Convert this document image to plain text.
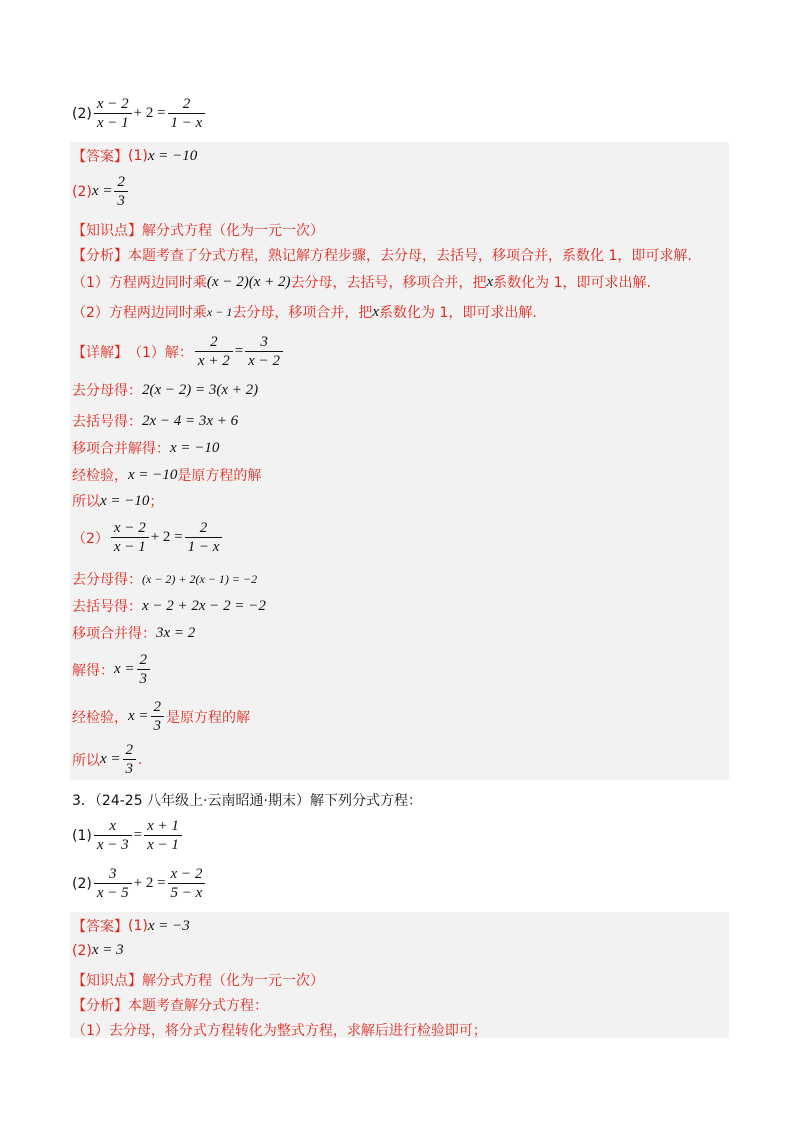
$(2) \frac{x - 2}{x - 1} + 2 = \frac{2}{1 - x}$
【答案】 (1) x = −10
(2) $x = \frac{2}{3}$
【知识点】解分式方程（化为一元一次）
【分析】本题考查了分式方程，熟记解方程步骤，去分母，去括号，移项合并，系数化 1，即可求解.
（1）方程两边同时乘 (x − 2)(x + 2) 去分母，去括号，移项合并，把 x 系数化为 1，即可求出解.
（2）方程两边同时乘 x − 1 去分母，移项合并，把 x 系数化为 1，即可求出解.
【详解】 （1）解： $\frac{2}{x + 2} = \frac{3}{x - 2}$
去分母得： 2(x − 2) = 3(x + 2)
去括号得： 2x − 4 = 3x + 6
移项合并解得： x = −10
经检验， x = −10 是原方程的解
所以 x = −10 ；
$(2) \frac{x - 2}{x - 1} + 2 = \frac{2}{1 - x}$
去分母得： (x − 2) + 2(x − 1) = −2
去括号得： x − 2 + 2x − 2 = −2
移项合并得： 3x = 2
解得： $x = \frac{2}{3}$
经检验， $x = \frac{2}{3}$ 是原方程的解
所以 $x = \frac{2}{3}$ .
3．（24-25 八年级上·云南昭通·期末）解下列分式方程：
$(1) \frac{x}{x - 3} = \frac{x + 1}{x - 1}$
$(2) \frac{3}{x - 5} + 2 = \frac{x - 2}{5 - x}$
【答案】 (1) x = −3
(2) x = 3
【知识点】解分式方程（化为一元一次）
【分析】本题考查解分式方程：
（1）去分母，将分式方程转化为整式方程，求解后进行检验即可；
